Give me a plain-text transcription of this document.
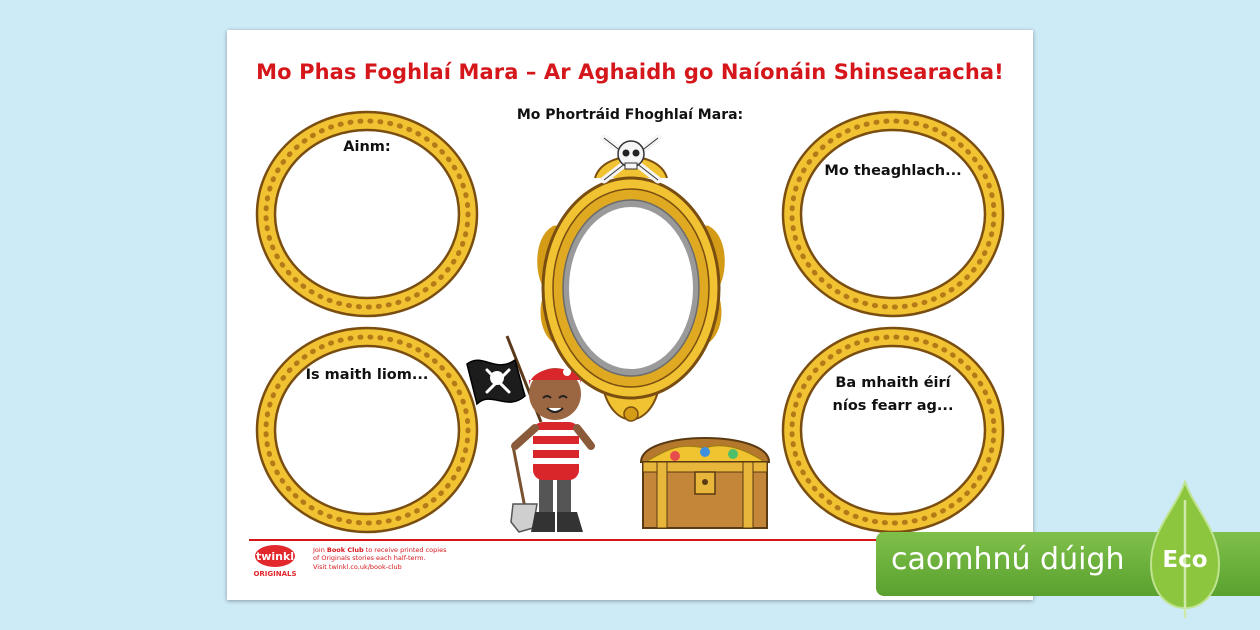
Mo Phas Foghlaí Mara – Ar Aghaidh go Naíonáin Shinsearacha!
Mo Phortráid Fhoghlaí Mara:
Ainm:
Mo theaghlach...
Is maith liom...	Ba mhaith éirí
níos fearr ag...
twinkl
ORIGINALS
Join Book Club to receive printed copies
of Originals stories each half-term.
Visit twinkl.co.uk/book-club	caomhnú dúigh Eco
